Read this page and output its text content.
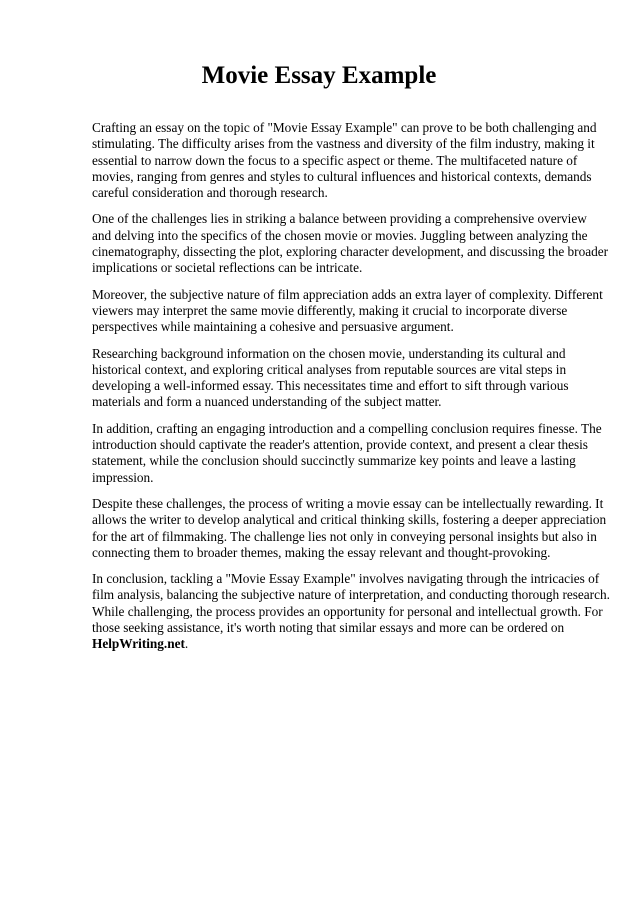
Movie Essay Example

Crafting an essay on the topic of "Movie Essay Example" can prove to be both challenging and
stimulating. The difficulty arises from the vastness and diversity of the film industry, making it
essential to narrow down the focus to a specific aspect or theme. The multifaceted nature of
movies, ranging from genres and styles to cultural influences and historical contexts, demands
careful consideration and thorough research.

One of the challenges lies in striking a balance between providing a comprehensive overview
and delving into the specifics of the chosen movie or movies. Juggling between analyzing the
cinematography, dissecting the plot, exploring character development, and discussing the broader
implications or societal reflections can be intricate.

Moreover, the subjective nature of film appreciation adds an extra layer of complexity. Different
viewers may interpret the same movie differently, making it crucial to incorporate diverse
perspectives while maintaining a cohesive and persuasive argument.

Researching background information on the chosen movie, understanding its cultural and
historical context, and exploring critical analyses from reputable sources are vital steps in
developing a well-informed essay. This necessitates time and effort to sift through various
materials and form a nuanced understanding of the subject matter.

In addition, crafting an engaging introduction and a compelling conclusion requires finesse. The
introduction should captivate the reader's attention, provide context, and present a clear thesis
statement, while the conclusion should succinctly summarize key points and leave a lasting
impression.

Despite these challenges, the process of writing a movie essay can be intellectually rewarding. It
allows the writer to develop analytical and critical thinking skills, fostering a deeper appreciation
for the art of filmmaking. The challenge lies not only in conveying personal insights but also in
connecting them to broader themes, making the essay relevant and thought-provoking.

In conclusion, tackling a "Movie Essay Example" involves navigating through the intricacies of
film analysis, balancing the subjective nature of interpretation, and conducting thorough research.
While challenging, the process provides an opportunity for personal and intellectual growth. For
those seeking assistance, it's worth noting that similar essays and more can be ordered on
HelpWriting.net.
